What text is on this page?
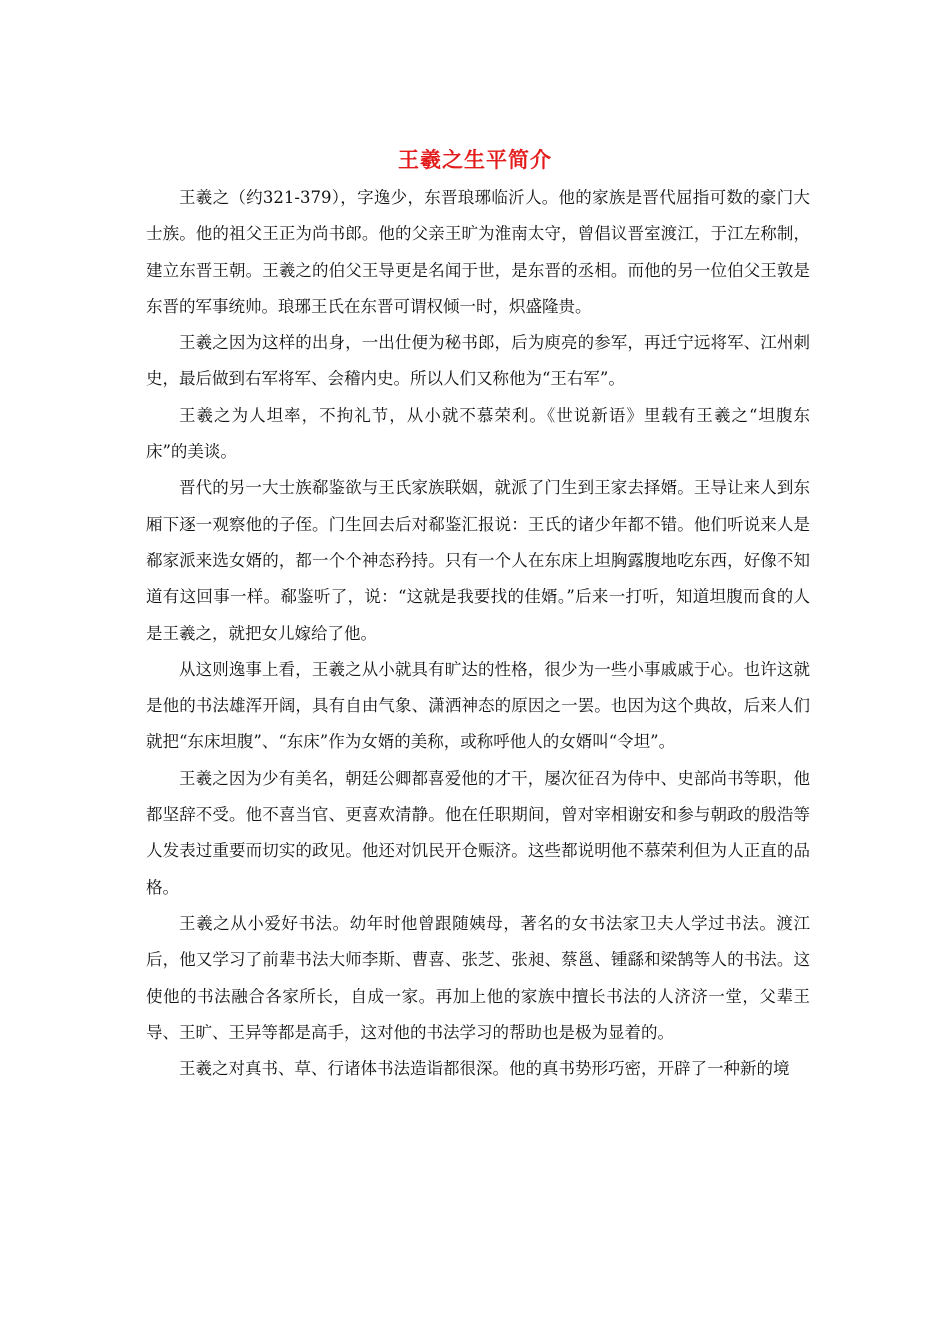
王羲之生平简介

王羲之（约321-379），字逸少，东晋琅琊临沂人。他的家族是晋代屈指可数的豪门大士族。他的祖父王正为尚书郎。他的父亲王旷为淮南太守，曾倡议晋室渡江，于江左称制，建立东晋王朝。王羲之的伯父王导更是名闻于世，是东晋的丞相。而他的另一位伯父王敦是东晋的军事统帅。琅琊王氏在东晋可谓权倾一时，炽盛隆贵。

王羲之因为这样的出身，一出仕便为秘书郎，后为庾亮的参军，再迁宁远将军、江州刺史，最后做到右军将军、会稽内史。所以人们又称他为“王右军”。

王羲之为人坦率，不拘礼节，从小就不慕荣利。《世说新语》里载有王羲之“坦腹东床”的美谈。

晋代的另一大士族郗鉴欲与王氏家族联姻，就派了门生到王家去择婿。王导让来人到东厢下逐一观察他的子侄。门生回去后对郗鉴汇报说：王氏的诸少年都不错。他们听说来人是郗家派来选女婿的，都一个个神态矜持。只有一个人在东床上坦胸露腹地吃东西，好像不知道有这回事一样。郗鉴听了，说：“这就是我要找的佳婿。”后来一打听，知道坦腹而食的人是王羲之，就把女儿嫁给了他。

从这则逸事上看，王羲之从小就具有旷达的性格，很少为一些小事戚戚于心。也许这就是他的书法雄浑开阔，具有自由气象、潇洒神态的原因之一罢。也因为这个典故，后来人们就把“东床坦腹”、“东床”作为女婿的美称，或称呼他人的女婿叫“令坦”。

王羲之因为少有美名，朝廷公卿都喜爱他的才干，屡次征召为侍中、史部尚书等职，他都坚辞不受。他不喜当官、更喜欢清静。他在任职期间，曾对宰相谢安和参与朝政的殷浩等人发表过重要而切实的政见。他还对饥民开仓赈济。这些都说明他不慕荣利但为人正直的品格。

王羲之从小爱好书法。幼年时他曾跟随姨母，著名的女书法家卫夫人学过书法。渡江后，他又学习了前辈书法大师李斯、曹喜、张芝、张昶、蔡邕、锺繇和梁鹄等人的书法。这使他的书法融合各家所长，自成一家。再加上他的家族中擅长书法的人济济一堂，父辈王导、王旷、王异等都是高手，这对他的书法学习的帮助也是极为显着的。

王羲之对真书、草、行诸体书法造诣都很深。他的真书势形巧密，开辟了一种新的境
